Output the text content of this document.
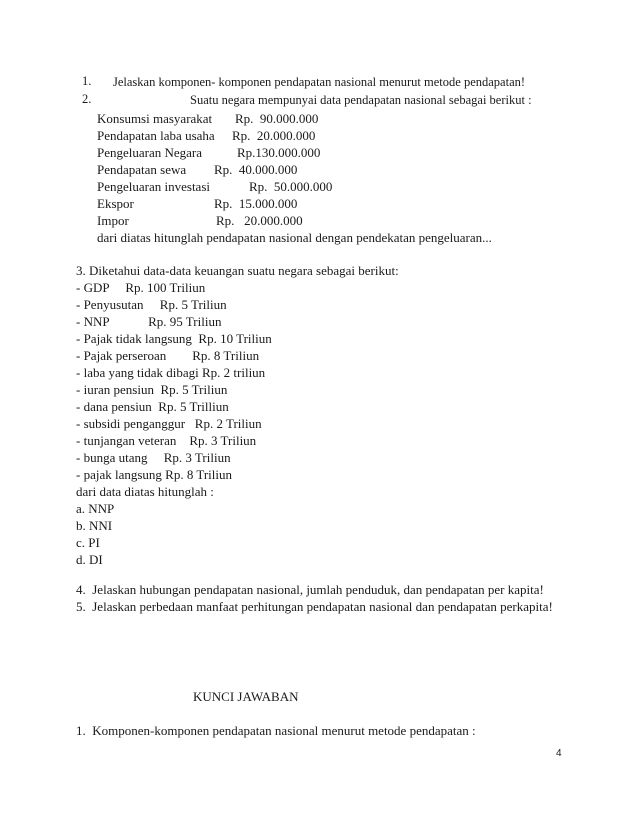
1. Jelaskan komponen- komponen pendapatan nasional menurut metode pendapatan!
2.	Suatu negara mempunyai data pendapatan nasional sebagai berikut :
Konsumsi masyarakat Rp.  90.000.000
Pendapatan laba usaha Rp.  20.000.000
Pengeluaran Negara	Rp.130.000.000
Pendapatan sewa Rp.  40.000.000
Pengeluaran investasi	Rp.  50.000.000
Ekspor	Rp.  15.000.000
Impor	Rp.   20.000.000
dari diatas hitunglah pendapatan nasional dengan pendekatan pengeluaran...
3. Diketahui data-data keuangan suatu negara sebagai berikut:
- GDP     Rp. 100 Triliun
- Penyusutan     Rp. 5 Triliun
- NNP            Rp. 95 Triliun
- Pajak tidak langsung  Rp. 10 Triliun
- Pajak perseroan        Rp. 8 Triliun
- laba yang tidak dibagi Rp. 2 triliun
- iuran pensiun  Rp. 5 Triliun
- dana pensiun  Rp. 5 Trilliun
- subsidi penganggur   Rp. 2 Triliun
- tunjangan veteran    Rp. 3 Triliun
- bunga utang     Rp. 3 Triliun
- pajak langsung Rp. 8 Triliun
dari data diatas hitunglah :
a. NNP
b. NNI
c. PI
d. DI
4.  Jelaskan hubungan pendapatan nasional, jumlah penduduk, dan pendapatan per kapita!
5.  Jelaskan perbedaan manfaat perhitungan pendapatan nasional dan pendapatan perkapita!
KUNCI JAWABAN
1.  Komponen-komponen pendapatan nasional menurut metode pendapatan :
4
